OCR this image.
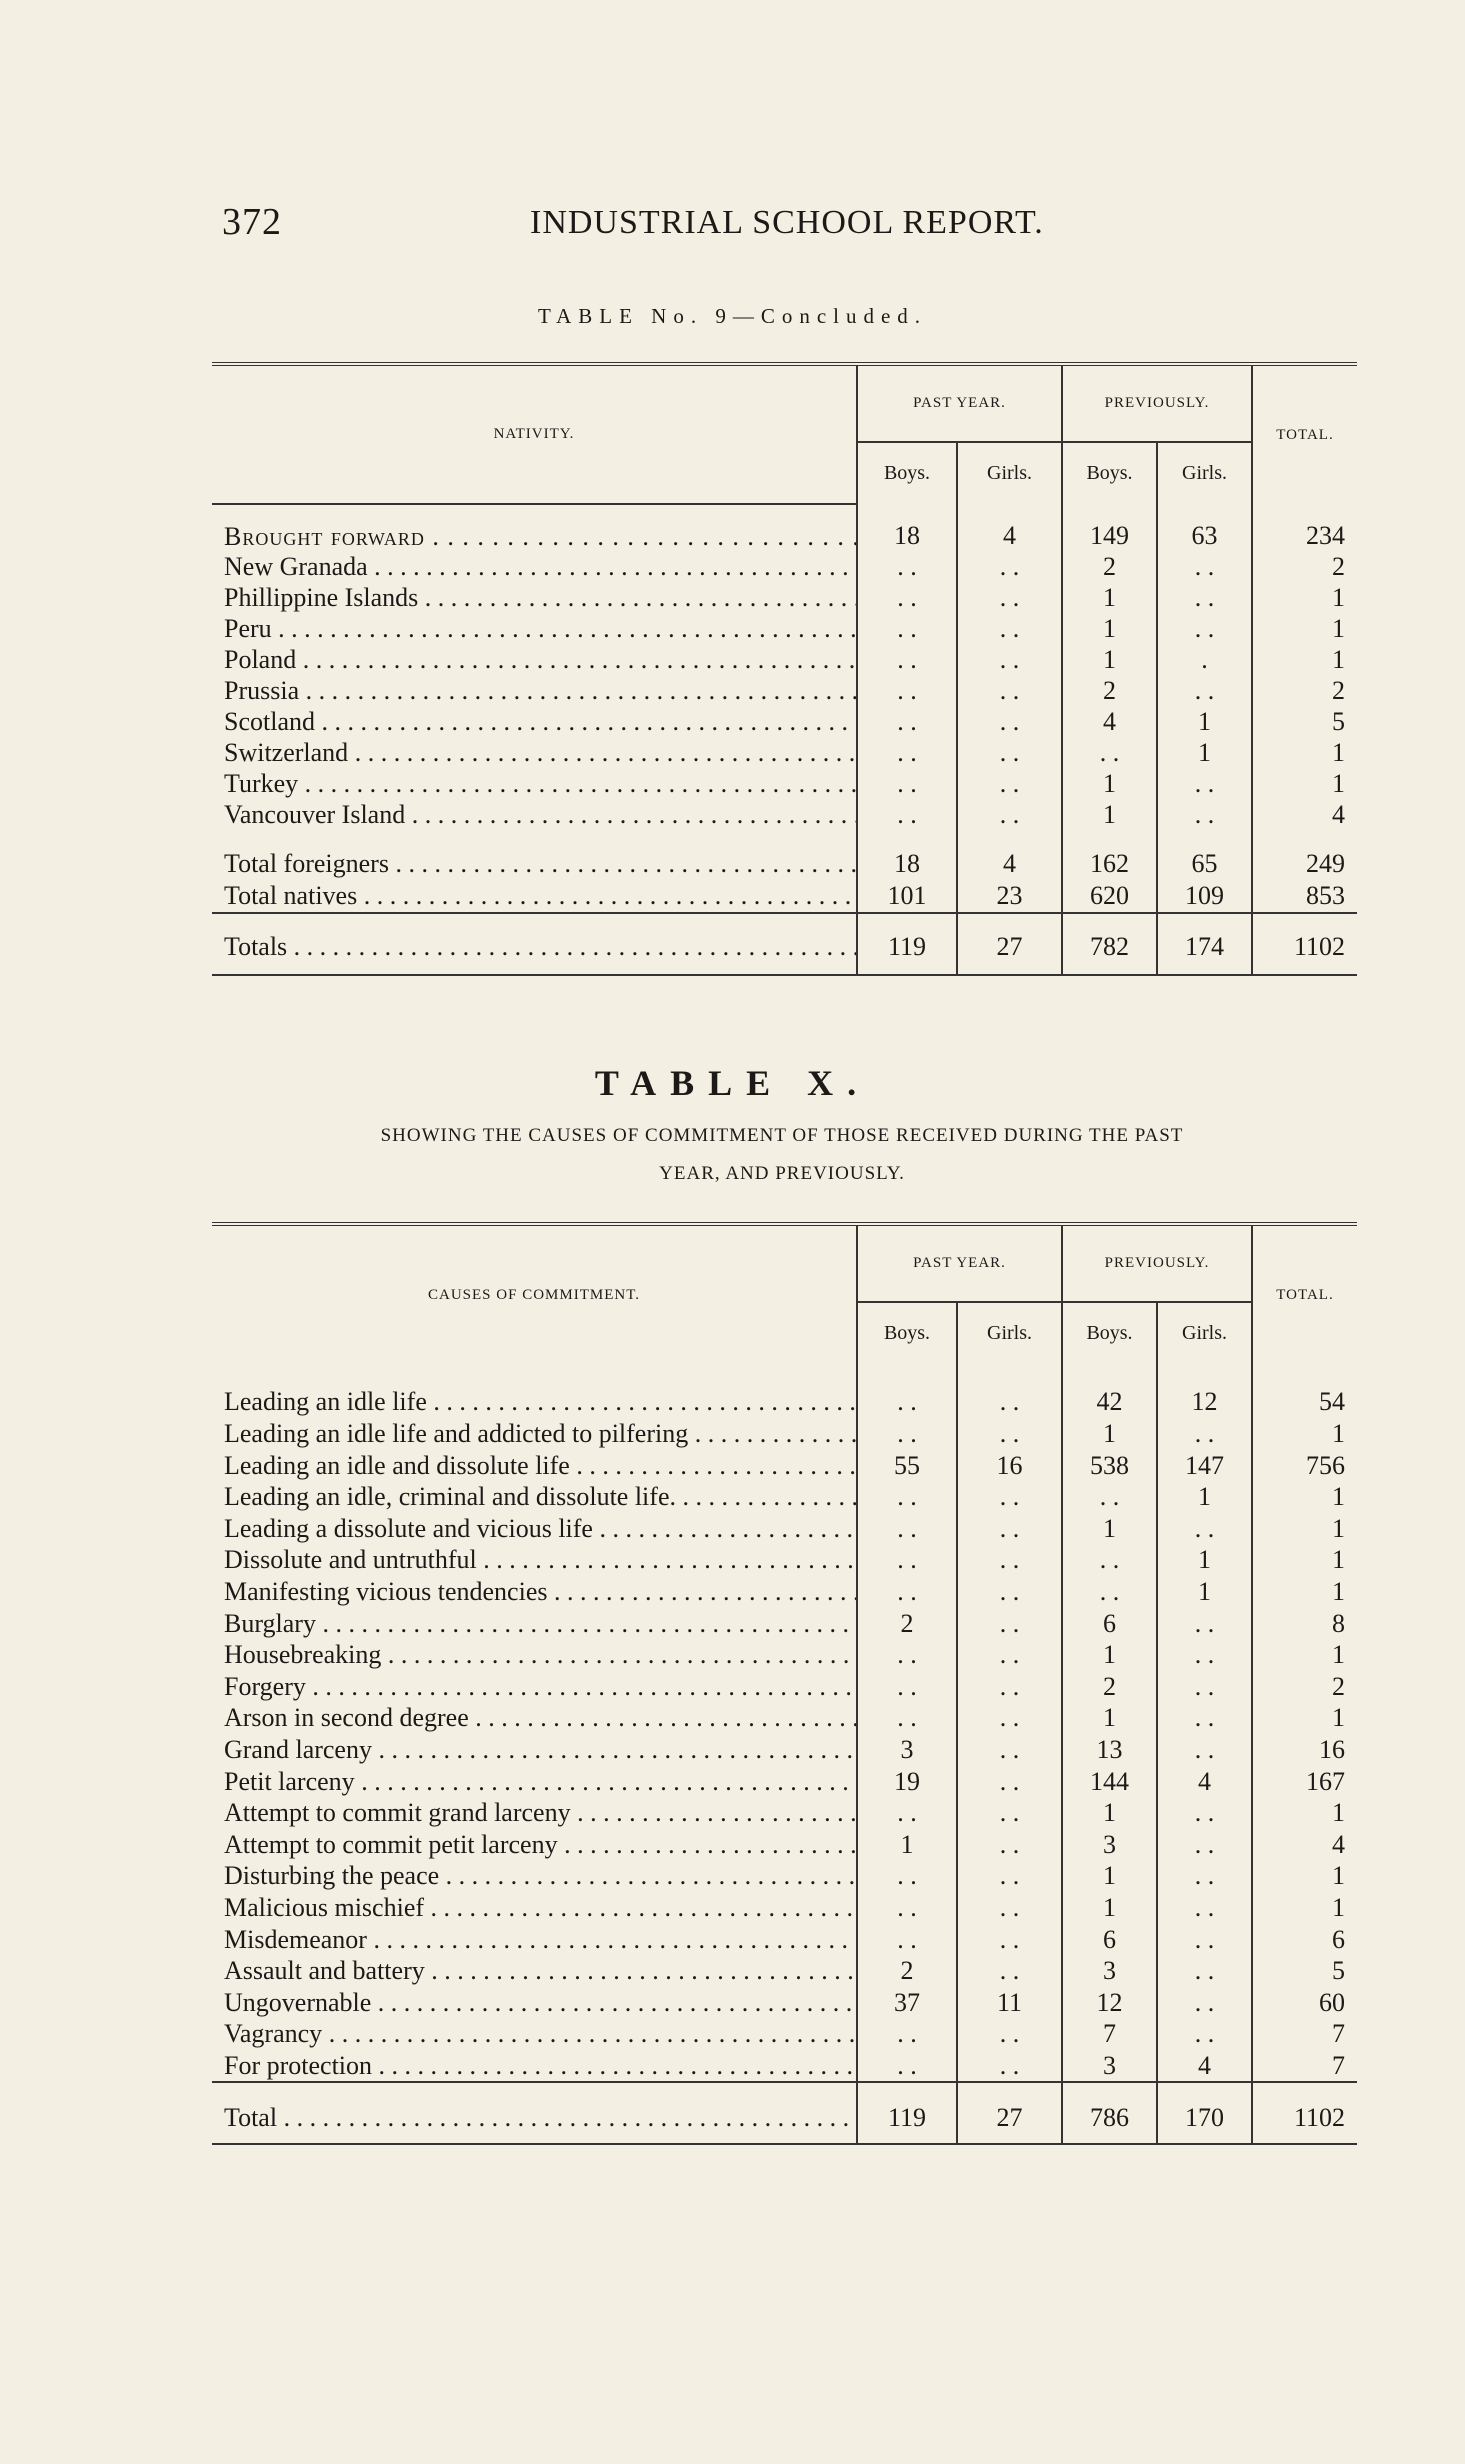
372	INDUSTRIAL SCHOOL REPORT.
TABLE No. 9—Concluded.
NATIVITY.	PAST YEAR.		PREVIOUSLY.		TOTAL.
	Boys.	Girls.	Boys.	Girls.	

Brought forward . . .	18	4	149	63	234

New Granada . . .	. .	. .	2	. .	2

Phillippine Islands . . .	. .	. .	1	. .	1

Peru . . .	. .	. .	1	. .	1

Poland . . .	. .	. .	1	.	1

Prussia . . .	. .	. .	2	. .	2

Scotland . . .	. .	. .	4	1	5

Switzerland . . .	. .	. .	. .	1	1

Turkey . . .	. .	. .	1	. .	1

Vancouver Island . . .	. .	. .	1	. .	4

Total foreigners . . .	18	4	162	65	249

Total natives . . .	101	23	620	109	853

Totals . . .	119	27	782	174	1102
TABLE X.
SHOWING THE CAUSES OF COMMITMENT OF THOSE RECEIVED DURING THE PAST
YEAR, AND PREVIOUSLY.
CAUSES OF COMMITMENT.	PAST YEAR.		PREVIOUSLY.		TOTAL.
	Boys.	Girls.	Boys.	Girls.	

Leading an idle life . . .	. .	. .	42	12	54

Leading an idle life and addicted to pilfering . . .	. .	. .	1	. .	1

Leading an idle and dissolute life . . .	55	16	538	147	756

Leading an idle, criminal and dissolute life. . . .	. .	. .	. .	1	1

Leading a dissolute and vicious life . . .	. .	. .	1	. .	1

Dissolute and untruthful . . .	. .	. .	. .	1	1

Manifesting vicious tendencies . . .	. .	. .	. .	1	1

Burglary . . .	2	. .	6	. .	8

Housebreaking . . .	. .	. .	1	. .	1

Forgery . . .	. .	. .	2	. .	2

Arson in second degree . . .	. .	. .	1	. .	1

Grand larceny . . .	3	. .	13	. .	16

Petit larceny . . .	19	. .	144	4	167

Attempt to commit grand larceny . . .	. .	. .	1	. .	1

Attempt to commit petit larceny . . .	1	. .	3	. .	4

Disturbing the peace . . .	. .	. .	1	. .	1

Malicious mischief . . .	. .	. .	1	. .	1

Misdemeanor . . .	. .	. .	6	. .	6

Assault and battery . . .	2	. .	3	. .	5

Ungovernable . . .	37	11	12	. .	60

Vagrancy . . .	. .	. .	7	. .	7

For protection . . .	. .	. .	3	4	7

Total . . .	119	27	786	170	1102
